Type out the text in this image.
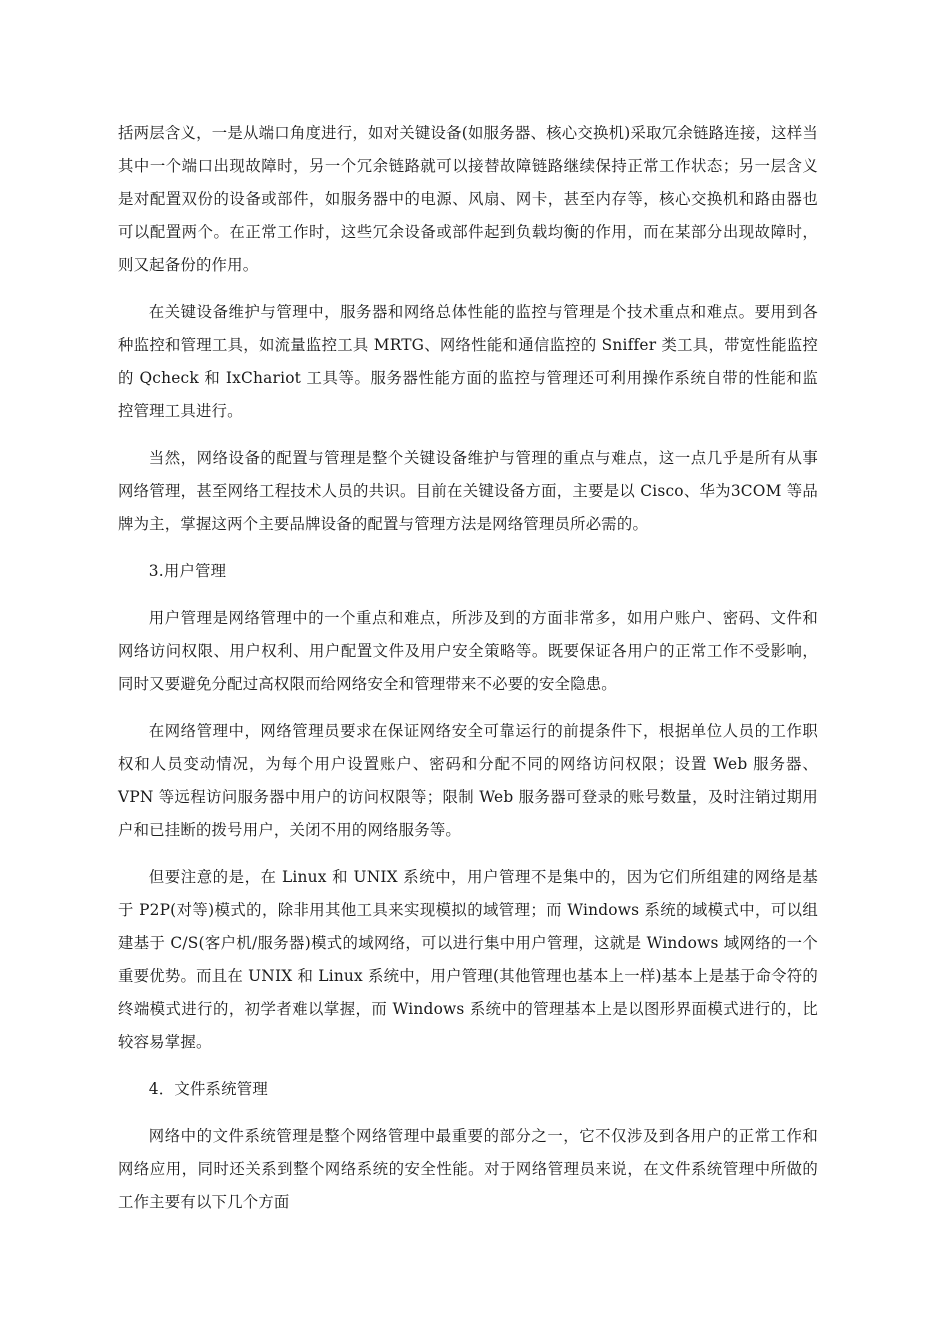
括两层含义，一是从端口角度进行，如对关键设备(如服务器、核心交换机)采取冗余链路连接，这样当其中一个端口出现故障时，另一个冗余链路就可以接替故障链路继续保持正常工作状态；另一层含义是对配置双份的设备或部件，如服务器中的电源、风扇、网卡，甚至内存等，核心交换机和路由器也可以配置两个。在正常工作时，这些冗余设备或部件起到负载均衡的作用，而在某部分出现故障时，则又起备份的作用。

在关键设备维护与管理中，服务器和网络总体性能的监控与管理是个技术重点和难点。要用到各种监控和管理工具，如流量监控工具 MRTG、网络性能和通信监控的 Sniffer 类工具，带宽性能监控的 Qcheck 和 IxChariot 工具等。服务器性能方面的监控与管理还可利用操作系统自带的性能和监控管理工具进行。

当然，网络设备的配置与管理是整个关键设备维护与管理的重点与难点，这一点几乎是所有从事网络管理，甚至网络工程技术人员的共识。目前在关键设备方面，主要是以 Cisco、华为3COM 等品牌为主，掌握这两个主要品牌设备的配置与管理方法是网络管理员所必需的。

3.用户管理

用户管理是网络管理中的一个重点和难点，所涉及到的方面非常多，如用户账户、密码、文件和网络访问权限、用户权利、用户配置文件及用户安全策略等。既要保证各用户的正常工作不受影响，同时又要避免分配过高权限而给网络安全和管理带来不必要的安全隐患。

在网络管理中，网络管理员要求在保证网络安全可靠运行的前提条件下，根据单位人员的工作职权和人员变动情况，为每个用户设置账户、密码和分配不同的网络访问权限；设置 Web 服务器、VPN 等远程访问服务器中用户的访问权限等；限制 Web 服务器可登录的账号数量，及时注销过期用户和已挂断的拨号用户，关闭不用的网络服务等。

但要注意的是，在 Linux 和 UNIX 系统中，用户管理不是集中的，因为它们所组建的网络是基于 P2P(对等)模式的，除非用其他工具来实现模拟的域管理；而 Windows 系统的域模式中，可以组建基于 C/S(客户机/服务器)模式的域网络，可以进行集中用户管理，这就是 Windows 域网络的一个重要优势。而且在 UNIX 和 Linux 系统中，用户管理(其他管理也基本上一样)基本上是基于命令符的终端模式进行的，初学者难以掌握，而 Windows 系统中的管理基本上是以图形界面模式进行的，比较容易掌握。

4．文件系统管理

网络中的文件系统管理是整个网络管理中最重要的部分之一，它不仅涉及到各用户的正常工作和网络应用，同时还关系到整个网络系统的安全性能。对于网络管理员来说，在文件系统管理中所做的工作主要有以下几个方面
